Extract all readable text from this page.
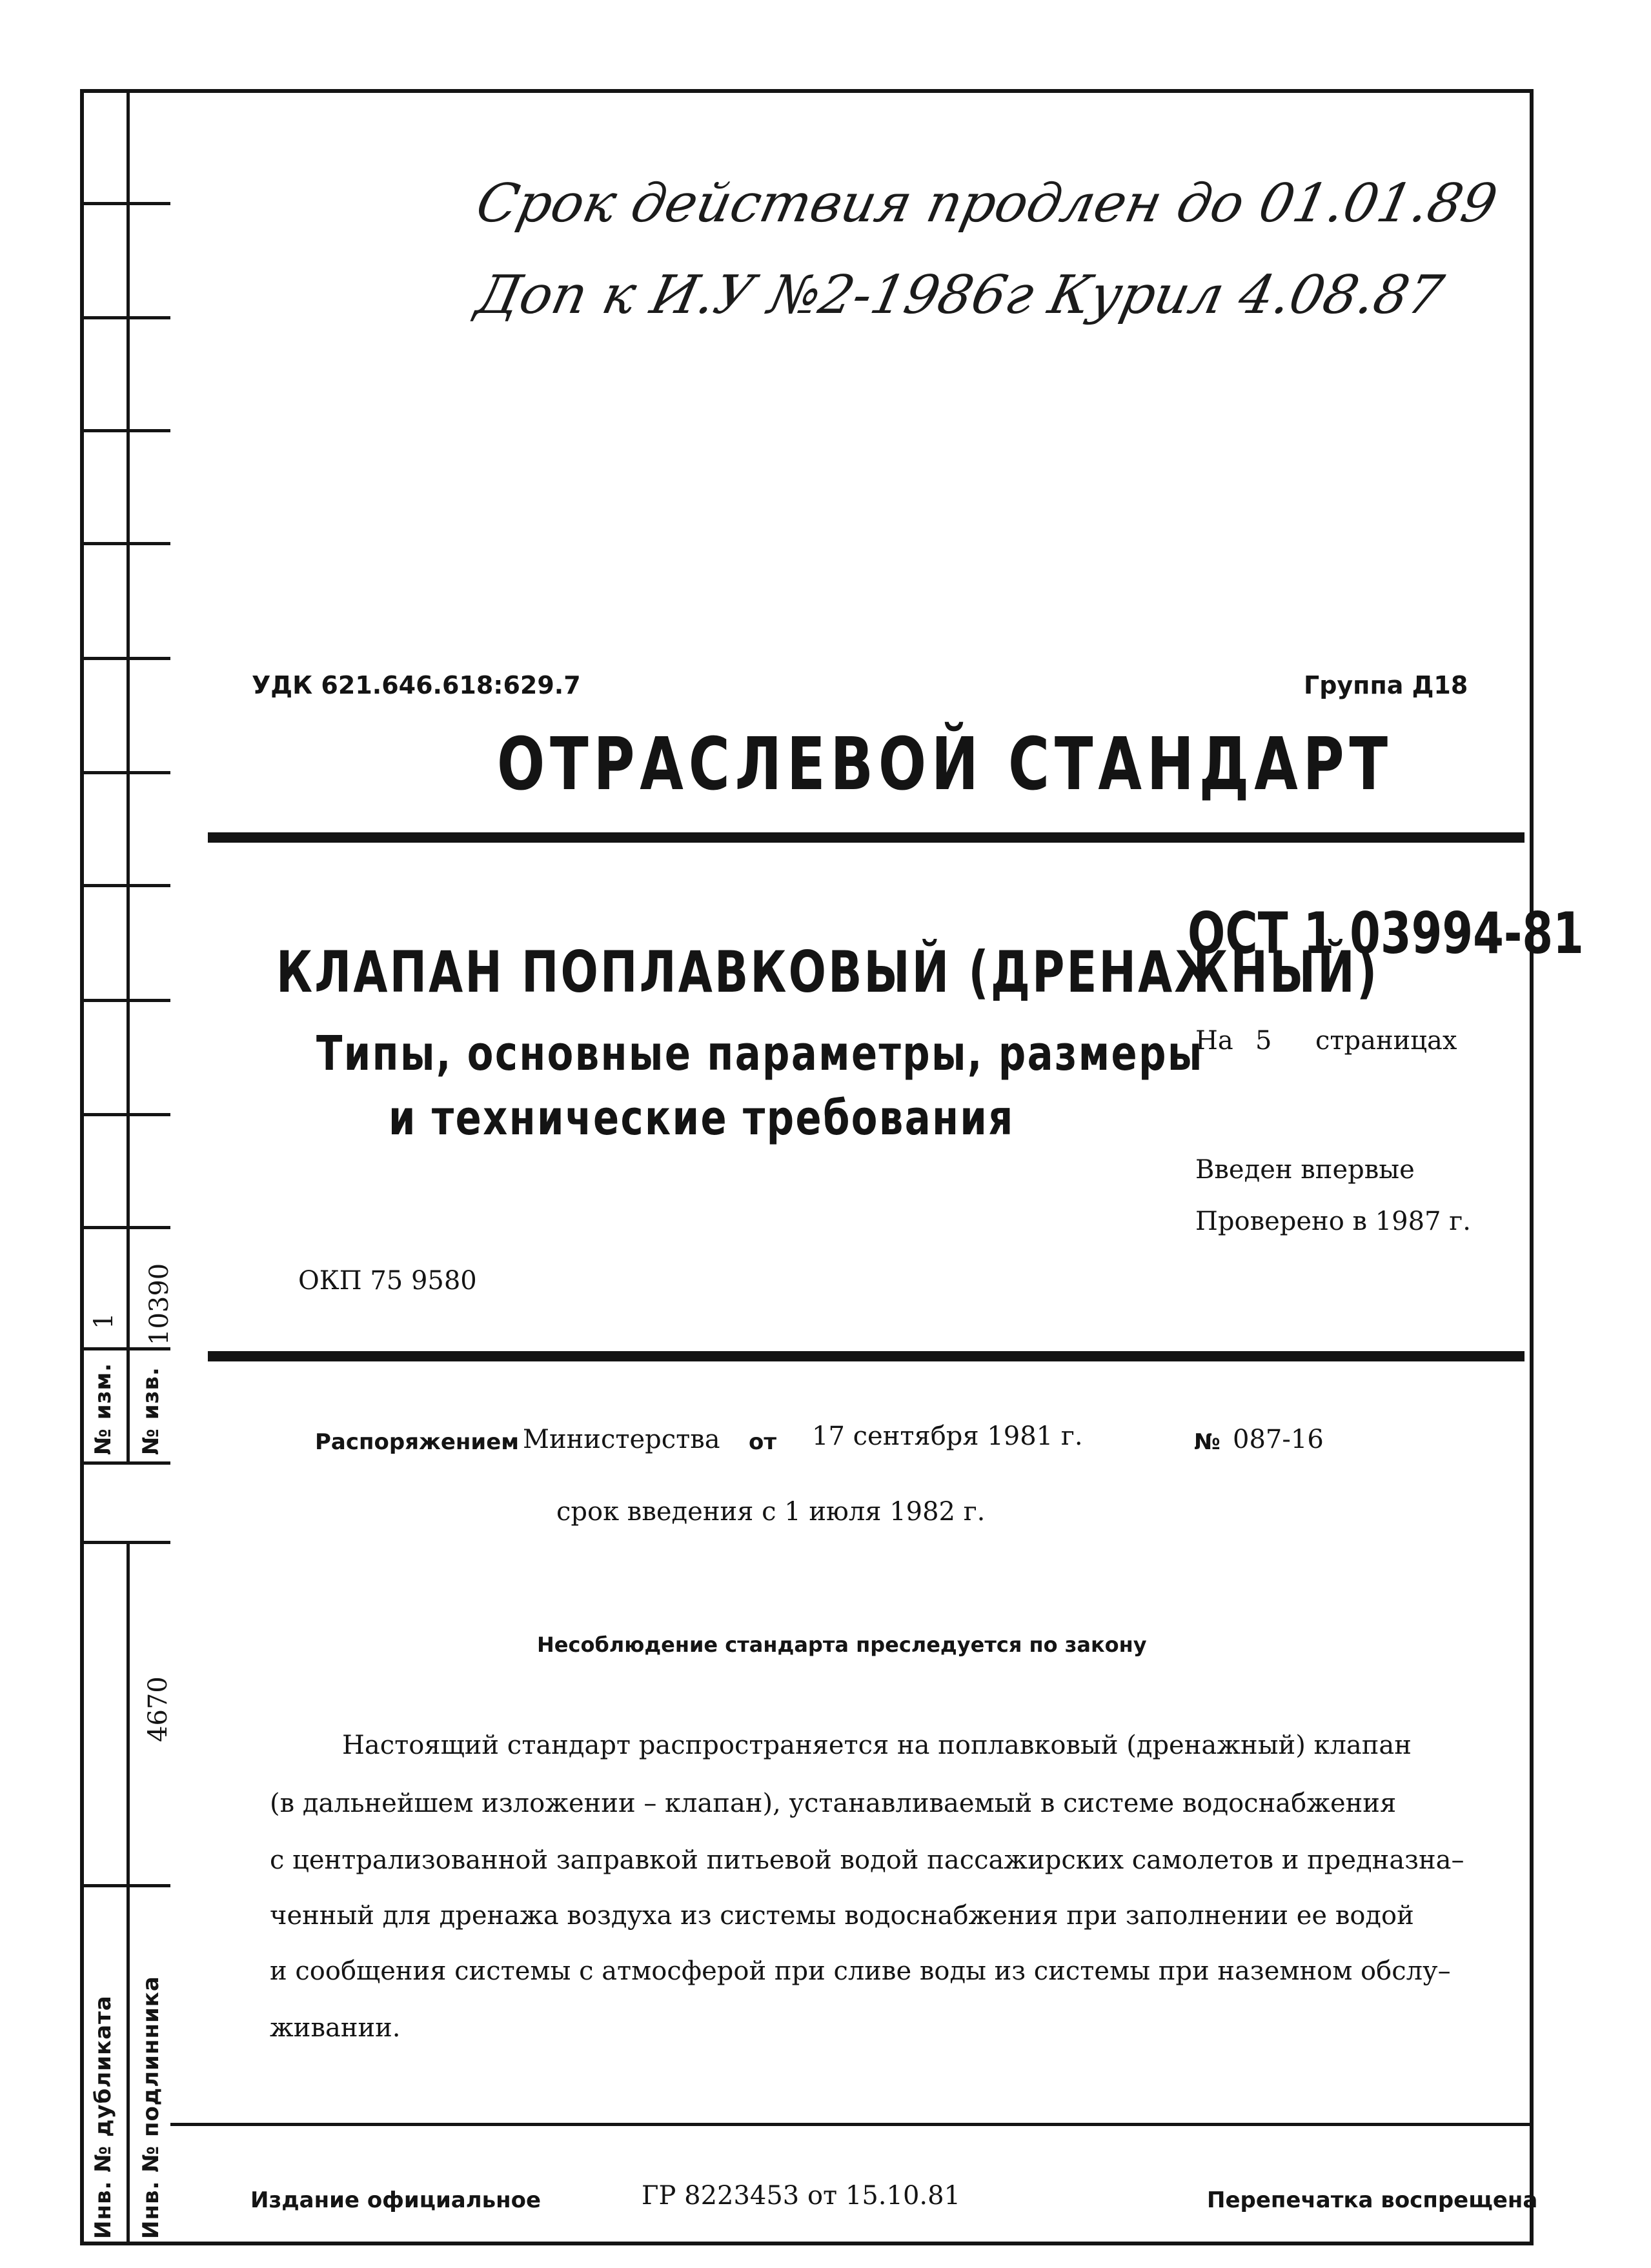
1 10390
№ изм. № изв.
4670
Инв. № дубликата Инв. № подлинника
Срок действия продлен до 01.01.89
Доп к И.У №2-1986г Курил 4.08.87
УДК 621.646.618:629.7	Группа Д18
ОТРАСЛЕВОЙ СТАНДАРТ
КЛАПАН ПОПЛАВКОВЫЙ (ДРЕНАЖНЫЙ)
Типы, основные параметры, размеры
и технические требования
ОСТ 1 03994-81
На 5 страницах
Введен впервые
Проверено в 1987 г.
ОКП 75 9580
Распоряжением Министерства от 17 сентября 1981 г.	№ 087-16
срок введения с 1 июля 1982 г.
Несоблюдение стандарта преследуется по закону
Настоящий стандарт распространяется на поплавковый (дренажный) клапан
(в дальнейшем изложении – клапан), устанавливаемый в системе водоснабжения
с централизованной заправкой питьевой водой пассажирских самолетов и предназна–
ченный для дренажа воздуха из системы водоснабжения при заполнении ее водой
и сообщения системы с атмосферой при сливе воды из системы при наземном обслу–
живании.
Издание официальное	ГР 8223453 от 15.10.81	Перепечатка воспрещена
